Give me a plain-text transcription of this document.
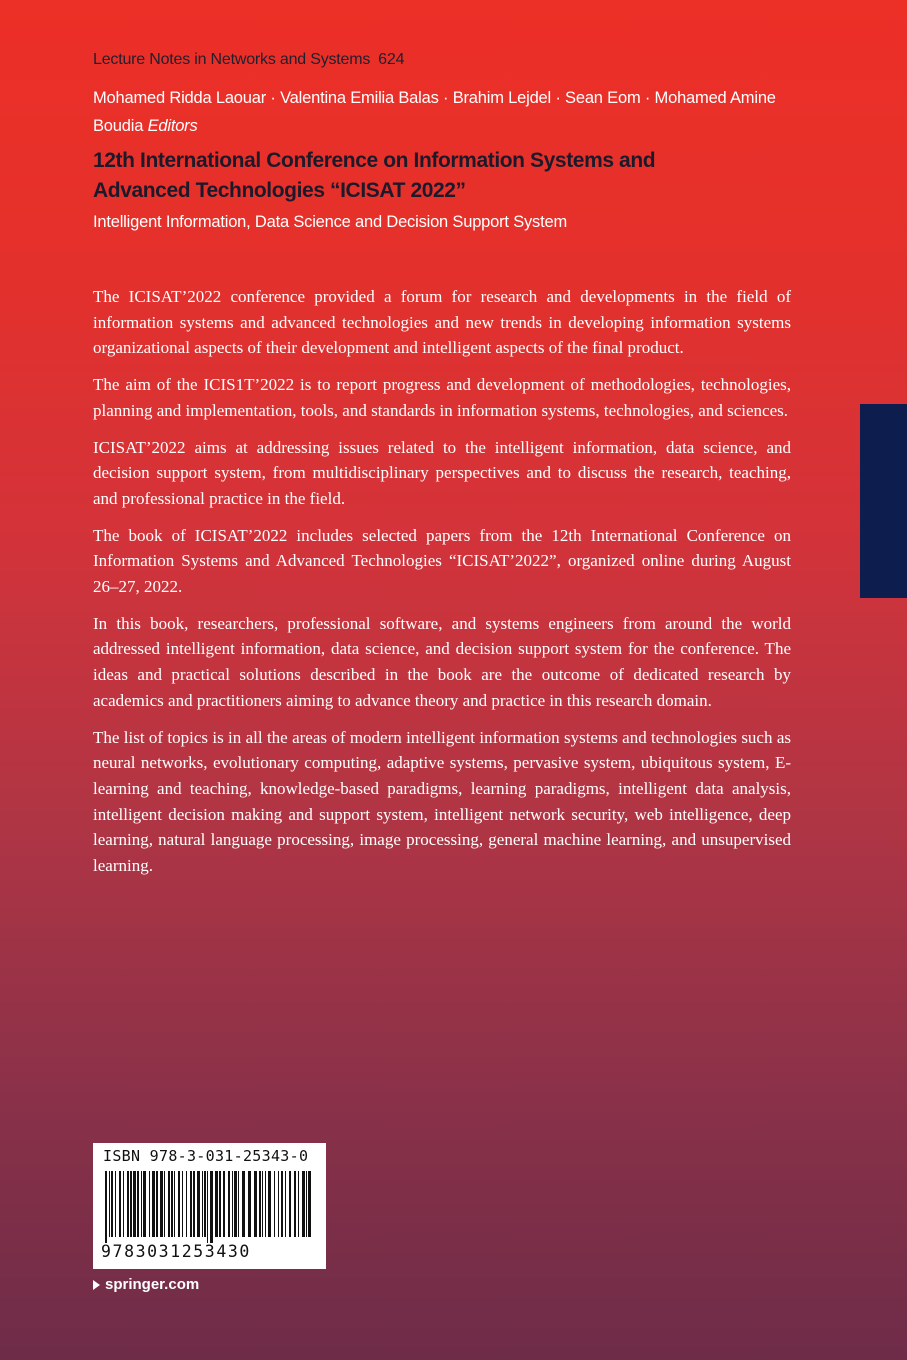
Lecture Notes in Networks and Systems 624
Mohamed Ridda Laouar · Valentina Emilia Balas · Brahim Lejdel · Sean Eom · Mohamed Amine Boudia Editors
12th International Conference on Information Systems and
Advanced Technologies “ICISAT 2022”
Intelligent Information, Data Science and Decision Support System

The ICISAT’2022 conference provided a forum for research and developments in the field of information systems and advanced technologies and new trends in developing information systems organizational aspects of their development and intelligent aspects of the final product.

The aim of the ICIS1T’2022 is to report progress and development of methodologies, technologies, planning and implementation, tools, and standards in information systems, technologies, and sciences.

ICISAT’2022 aims at addressing issues related to the intelligent information, data science, and decision support system, from multidisciplinary perspectives and to discuss the research, teaching, and professional practice in the field.

The book of ICISAT’2022 includes selected papers from the 12th International Conference on Information Systems and Advanced Technologies “ICISAT’2022”, organized online during August 26–27, 2022.

In this book, researchers, professional software, and systems engineers from around the world addressed intelligent information, data science, and decision support system for the conference. The ideas and practical solutions described in the book are the outcome of dedicated research by academics and practitioners aiming to advance theory and practice in this research domain.

The list of topics is in all the areas of modern intelligent information systems and technologies such as neural networks, evolutionary computing, adaptive systems, pervasive system, ubiquitous system, E-learning and teaching, knowledge-based paradigms, learning paradigms, intelligent data analysis, intelligent decision making and support system, intelligent network security, web intelligence, deep learning, natural language processing, image processing, general machine learning, and unsupervised learning.

ISBN 978-3-031-25343-0
9783031253430
springer.com
